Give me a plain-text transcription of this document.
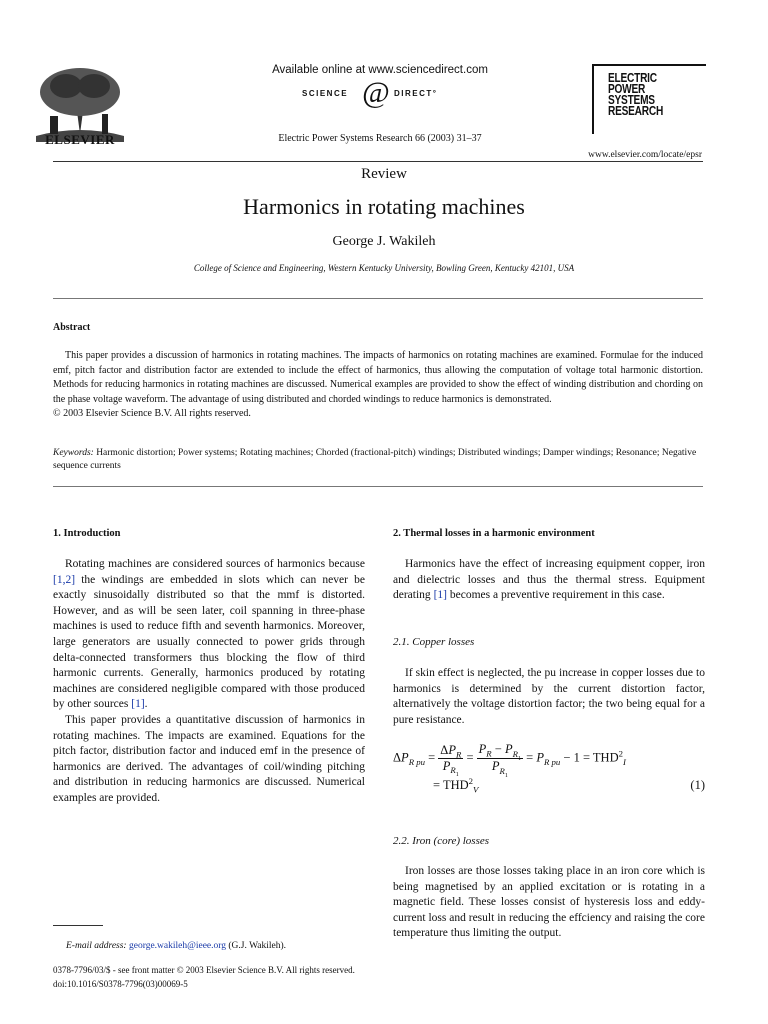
ELSEVIER
Available online at www.sciencedirect.com
SCIENCE @ DIRECT°
Electric Power Systems Research 66 (2003) 31–37
ELECTRIC
POWER
SYSTEMS
RESEARCH
www.elsevier.com/locate/epsr
Review
Harmonics in rotating machines
George J. Wakileh
College of Science and Engineering, Western Kentucky University, Bowling Green, Kentucky 42101, USA
Abstract

This paper provides a discussion of harmonics in rotating machines. The impacts of harmonics on rotating machines are examined. Formulae for the induced emf, pitch factor and distribution factor are extended to include the effect of harmonics, thus allowing the computation of voltage total harmonic distortion. Methods for reducing harmonics in rotating machines are discussed. Numerical examples are provided to show the effect of winding distribution and chording on the phase voltage waveform. The advantage of using distributed and chorded windings to reduce harmonics is demonstrated.

© 2003 Elsevier Science B.V. All rights reserved.
Keywords: Harmonic distortion; Power systems; Rotating machines; Chorded (fractional-pitch) windings; Distributed windings; Damper windings; Resonance; Negative sequence currents
1. Introduction

Rotating machines are considered sources of harmonics because [1,2] the windings are embedded in slots which can never be exactly sinusoidally distributed so that the mmf is distorted. However, and as will be seen later, coil spanning in three-phase machines is used to reduce fifth and seventh harmonics. Moreover, large generators are usually connected to power grids through delta-connected transformers thus blocking the flow of third harmonic currents. Generally, harmonics produced by rotating machines are considered negligible compared with those produced by other sources [1].

This paper provides a quantitative discussion of harmonics in rotating machines. The impacts are examined. Equations for the pitch factor, distribution factor and induced emf in the presence of harmonics are derived. The advantages of coil/winding pitching and distribution in reducing harmonics are discussed. Numerical examples are provided.

2. Thermal losses in a harmonic environment

Harmonics have the effect of increasing equipment copper, iron and dielectric losses and thus the thermal stress. Equipment derating [1] becomes a preventive requirement in this case.

2.1. Copper losses

If skin effect is neglected, the pu increase in copper losses due to harmonics is determined by the current distortion factor, alternatively the voltage distortion factor; the two being equal for a pure resistance.

$\Delta P_{R pu}$ =
$\Delta P_R$
$P_{R_1}$
= $\frac{P_R - P_{R_1}}{P_{R_1}} = P_{R pu} - 1 = THD^2_I$
= $THD^2_V$	(1)
2.2. Iron (core) losses

Iron losses are those losses taking place in an iron core which is being magnetised by an applied excitation or is rotating in a magnetic field. These losses consist of hysteresis loss and eddy-current loss and result in reducing the effciency and raising the core temperature thus limiting the output.

E-mail address: george.wakileh@ieee.org (G.J. Wakileh).
0378-7796/03/$ - see front matter © 2003 Elsevier Science B.V. All rights reserved.
doi:10.1016/S0378-7796(03)00069-5
